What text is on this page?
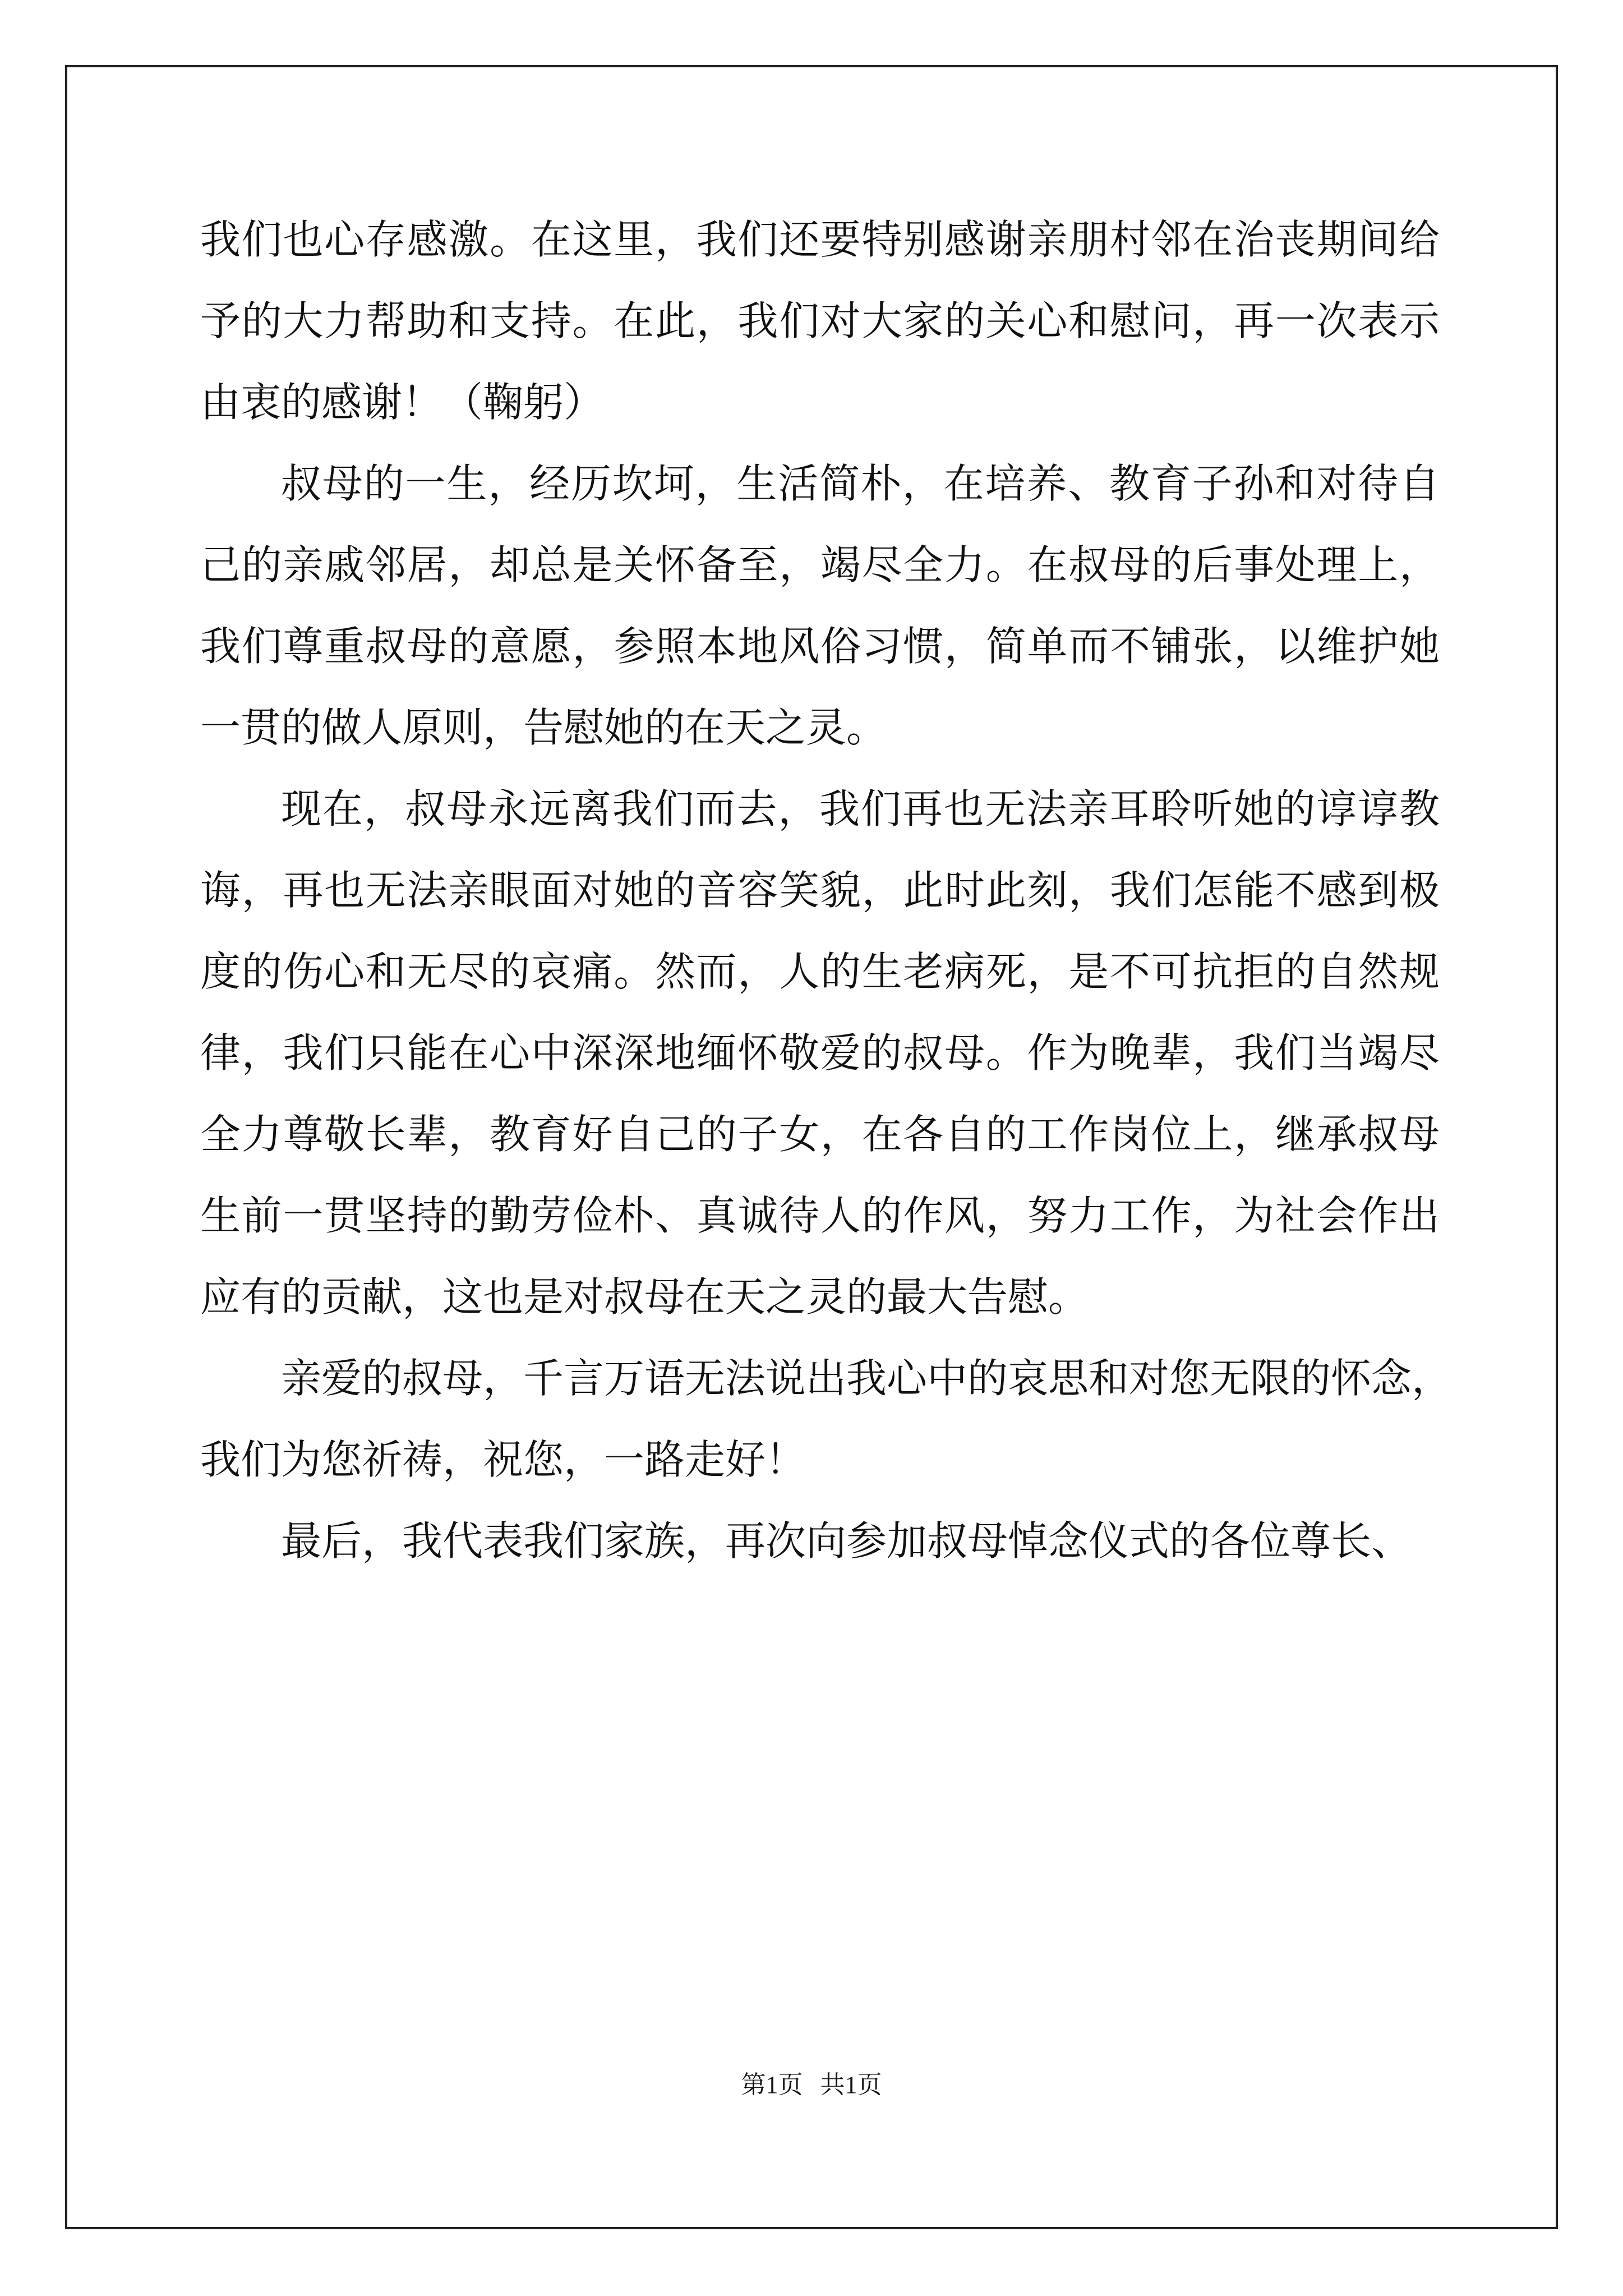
我们也心存感激。在这里，我们还要特别感谢亲朋村邻在治丧期间给
予的大力帮助和支持。在此，我们对大家的关心和慰问，再一次表示
由衷的感谢！（鞠躬）
叔母的一生，经历坎坷，生活简朴，在培养、教育子孙和对待自
己的亲戚邻居，却总是关怀备至，竭尽全力。在叔母的后事处理上，
我们尊重叔母的意愿，参照本地风俗习惯，简单而不铺张，以维护她
一贯的做人原则，告慰她的在天之灵。
现在，叔母永远离我们而去，我们再也无法亲耳聆听她的谆谆教
诲，再也无法亲眼面对她的音容笑貌，此时此刻，我们怎能不感到极
度的伤心和无尽的哀痛。然而，人的生老病死，是不可抗拒的自然规
律，我们只能在心中深深地缅怀敬爱的叔母。作为晚辈，我们当竭尽
全力尊敬长辈，教育好自己的子女，在各自的工作岗位上，继承叔母
生前一贯坚持的勤劳俭朴、真诚待人的作风，努力工作，为社会作出
应有的贡献，这也是对叔母在天之灵的最大告慰。
亲爱的叔母，千言万语无法说出我心中的哀思和对您无限的怀念，
我们为您祈祷，祝您，一路走好！
最后，我代表我们家族，再次向参加叔母悼念仪式的各位尊长、
第1页 共1页
